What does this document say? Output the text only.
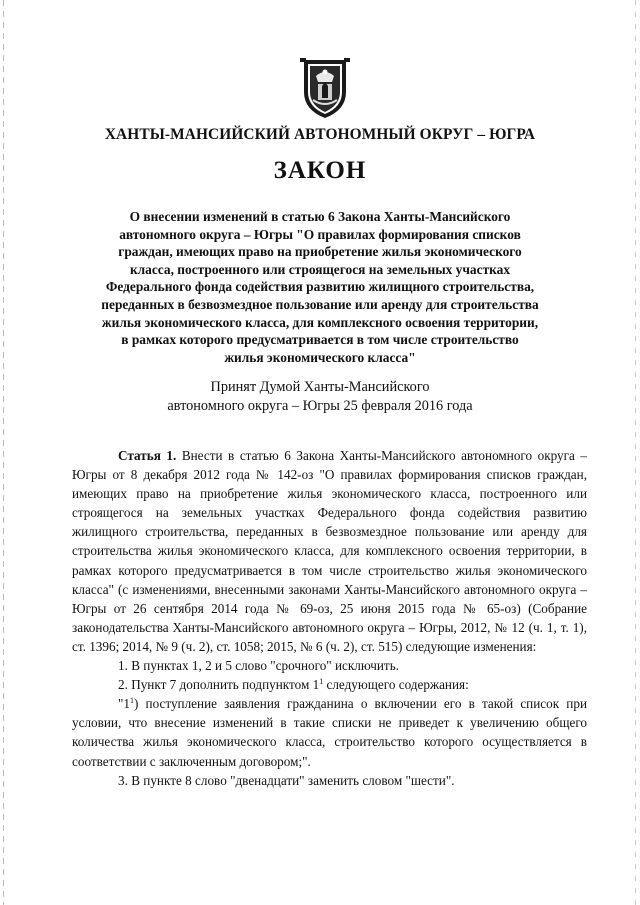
ХАНТЫ-МАНСИЙСКИЙ АВТОНОМНЫЙ ОКРУГ – ЮГРА
ЗАКОН
О внесении изменений в статью 6 Закона Ханты-Мансийского
автономного округа – Югры "О правилах формирования списков
граждан, имеющих право на приобретение жилья экономического
класса, построенного или строящегося на земельных участках
Федерального фонда содействия развитию жилищного строительства,
переданных в безвозмездное пользование или аренду для строительства
жилья экономического класса, для комплексного освоения территории,
в рамках которого предусматривается в том числе строительство
жилья экономического класса"
Принят Думой Ханты-Мансийского
автономного округа – Югры 25 февраля 2016 года

Статья 1. Внести в статью 6 Закона Ханты-Мансийского автономного округа – Югры от 8 декабря 2012 года № 142-оз "О правилах формирования списков граждан, имеющих право на приобретение жилья экономического класса, построенного или строящегося на земельных участках Федерального фонда содействия развитию жилищного строительства, переданных в безвозмездное пользование или аренду для строительства жилья экономического класса, для комплексного освоения территории, в рамках которого предусматривается в том числе строительство жилья экономического класса" (с изменениями, внесенными законами Ханты-Мансийского автономного округа – Югры от 26 сентября 2014 года № 69-оз, 25 июня 2015 года № 65-оз) (Собрание законодательства Ханты-Мансийского автономного округа – Югры, 2012, № 12 (ч. 1, т. 1), ст. 1396; 2014, № 9 (ч. 2), ст. 1058; 2015, № 6 (ч. 2), ст. 515) следующие изменения:

1. В пунктах 1, 2 и 5 слово "срочного" исключить.

2. Пункт 7 дополнить подпунктом $1^1$ следующего содержания:

"$1^1$) поступление заявления гражданина о включении его в такой список при условии, что внесение изменений в такие списки не приведет к увеличению общего количества жилья экономического класса, строительство которого осуществляется в соответствии с заключенным договором;".

3. В пункте 8 слово "двенадцати" заменить словом "шести".
